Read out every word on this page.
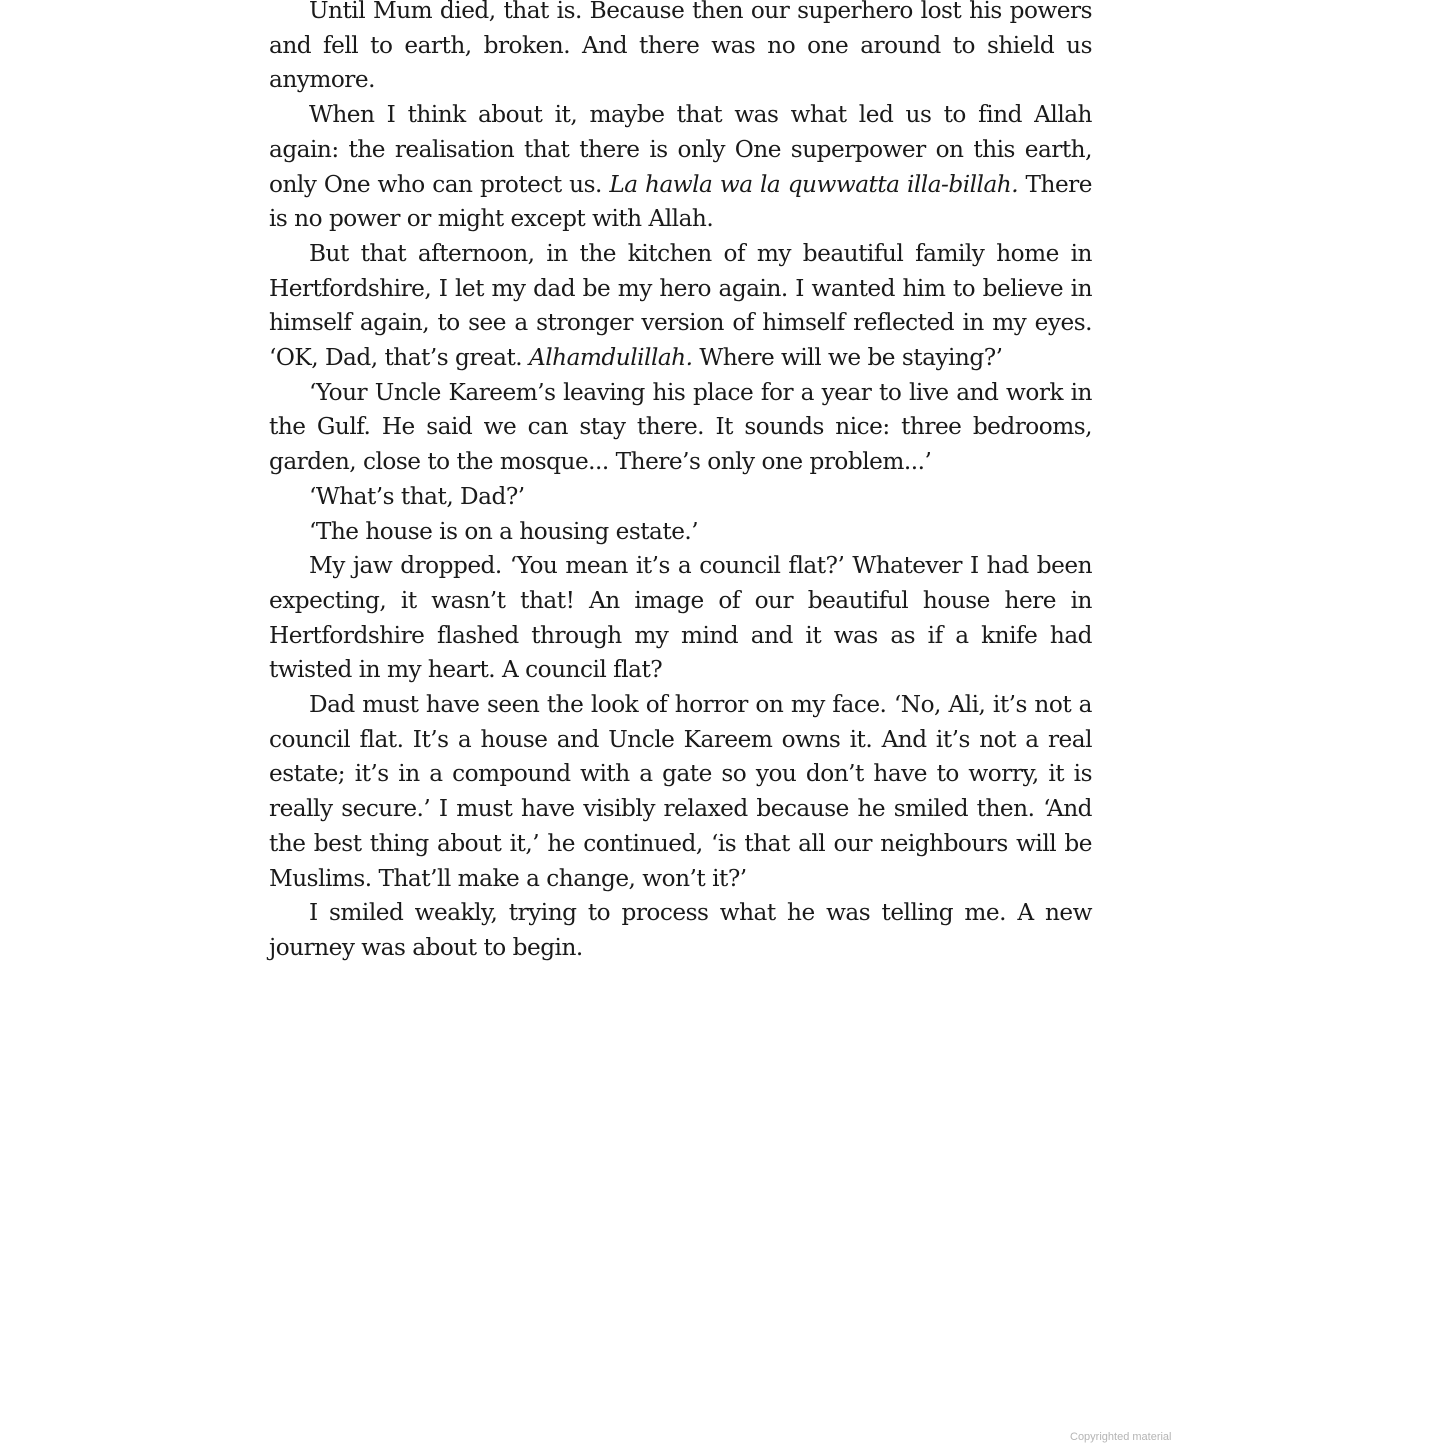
Until Mum died, that is. Because then our superhero lost his powers and fell to earth, broken. And there was no one around to shield us anymore.

When I think about it, maybe that was what led us to find Allah again: the realisation that there is only One superpower on this earth, only One who can protect us. La hawla wa la quwwatta illa-billah. There is no power or might except with Allah.

But that afternoon, in the kitchen of my beautiful family home in Hertfordshire, I let my dad be my hero again. I wanted him to believe in himself again, to see a stronger version of himself reflected in my eyes. ‘OK, Dad, that’s great. Alhamdulillah. Where will we be staying?’

‘Your Uncle Kareem’s leaving his place for a year to live and work in the Gulf. He said we can stay there. It sounds nice: three bedrooms, garden, close to the mosque... There’s only one problem...’

‘What’s that, Dad?’

‘The house is on a housing estate.’

My jaw dropped. ‘You mean it’s a council flat?’ Whatever I had been expecting, it wasn’t that! An image of our beautiful house here in Hertfordshire flashed through my mind and it was as if a knife had twisted in my heart. A council flat?

Dad must have seen the look of horror on my face. ‘No, Ali, it’s not a council flat. It’s a house and Uncle Kareem owns it. And it’s not a real estate; it’s in a compound with a gate so you don’t have to worry, it is really secure.’ I must have visibly relaxed because he smiled then. ‘And the best thing about it,’ he continued, ‘is that all our neighbours will be Muslims. That’ll make a change, won’t it?’

I smiled weakly, trying to process what he was telling me. A new journey was about to begin.

Copyrighted material
